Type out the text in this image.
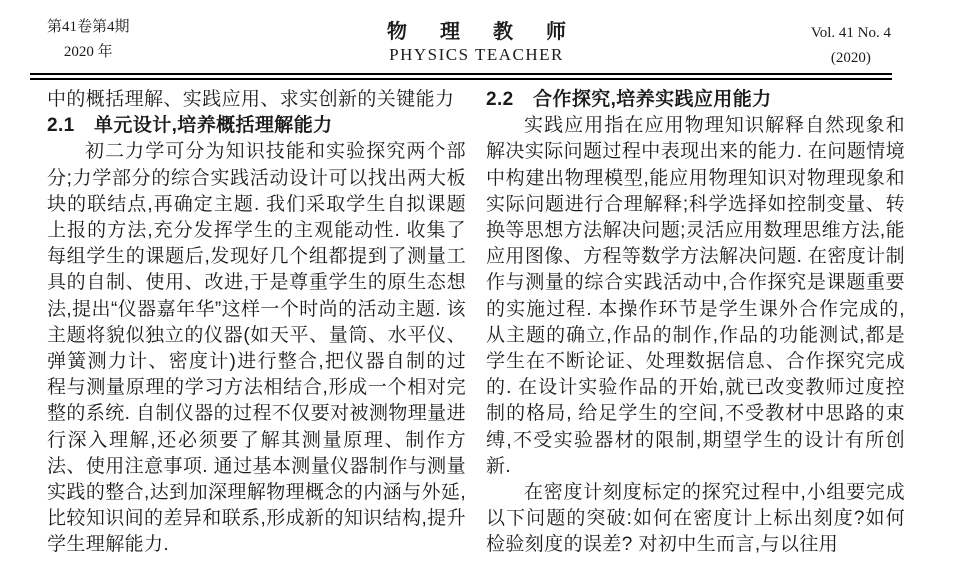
第41卷第4期
2020 年
物 理 教 师
PHYSICS TEACHER
Vol. 41 No. 4
(2020)

中的概括理解、实践应用、求实创新的关键能力

2.1　单元设计,培养概括理解能力

初二力学可分为知识技能和实验探究两个部分;力学部分的综合实践活动设计可以找出两大板块的联结点,再确定主题. 我们采取学生自拟课题上报的方法,充分发挥学生的主观能动性. 收集了每组学生的课题后,发现好几个组都提到了测量工具的自制、使用、改进,于是尊重学生的原生态想法,提出“仪器嘉年华”这样一个时尚的活动主题. 该主题将貌似独立的仪器(如天平、量筒、水平仪、弹簧测力计、密度计)进行整合,把仪器自制的过程与测量原理的学习方法相结合,形成一个相对完整的系统. 自制仪器的过程不仅要对被测物理量进行深入理解,还必须要了解其测量原理、制作方法、使用注意事项. 通过基本测量仪器制作与测量实践的整合,达到加深理解物理概念的内涵与外延,比较知识间的差异和联系,形成新的知识结构,提升学生理解能力.

2.2　合作探究,培养实践应用能力

实践应用指在应用物理知识解释自然现象和解决实际问题过程中表现出来的能力. 在问题情境中构建出物理模型,能应用物理知识对物理现象和实际问题进行合理解释;科学选择如控制变量、转换等思想方法解决问题;灵活应用数理思维方法,能应用图像、方程等数学方法解决问题. 在密度计制作与测量的综合实践活动中,合作探究是课题重要的实施过程. 本操作环节是学生课外合作完成的,从主题的确立,作品的制作,作品的功能测试,都是学生在不断论证、处理数据信息、合作探究完成的. 在设计实验作品的开始,就已改变教师过度控制的格局, 给足学生的空间,不受教材中思路的束缚,不受实验器材的限制,期望学生的设计有所创新.

在密度计刻度标定的探究过程中,小组要完成以下问题的突破:如何在密度计上标出刻度?如何检验刻度的误差? 对初中生而言,与以往用
